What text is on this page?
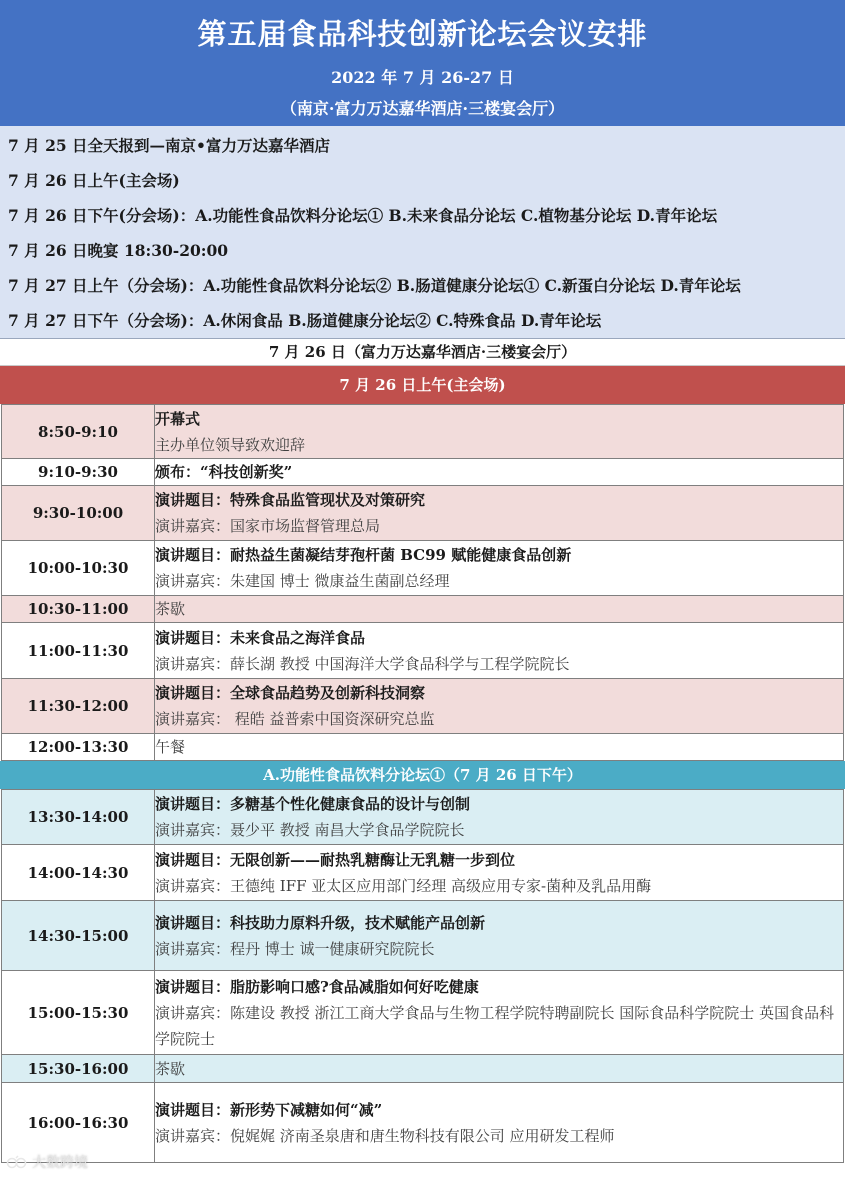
第五届食品科技创新论坛会议安排
2022 年 7 月 26-27 日
（南京·富力万达嘉华酒店·三楼宴会厅）
7 月 25 日全天报到—南京•富力万达嘉华酒店
7 月 26 日上午(主会场)
7 月 26 日下午(分会场)：A.功能性食品饮料分论坛① B.未来食品分论坛 C.植物基分论坛 D.青年论坛
7 月 26 日晚宴 18:30-20:00
7 月 27 日上午（分会场)：A.功能性食品饮料分论坛② B.肠道健康分论坛① C.新蛋白分论坛 D.青年论坛
7 月 27 日下午（分会场)：A.休闲食品 B.肠道健康分论坛② C.特殊食品 D.青年论坛
7 月 26 日（富力万达嘉华酒店·三楼宴会厅）
7 月 26 日上午(主会场)
8:50-9:10	开幕式
主办单位领导致欢迎辞

9:10-9:30	颁布：“科技创新奖”

9:30-10:00	演讲题目：特殊食品监管现状及对策研究
演讲嘉宾：国家市场监督管理总局

10:00-10:30	演讲题目：耐热益生菌凝结芽孢杆菌 BC99 赋能健康食品创新
演讲嘉宾：朱建国 博士 微康益生菌副总经理

10:30-11:00	茶歇

11:00-11:30	演讲题目：未来食品之海洋食品
演讲嘉宾：薛长湖 教授 中国海洋大学食品科学与工程学院院长

11:30-12:00	演讲题目：全球食品趋势及创新科技洞察
演讲嘉宾： 程皓 益普索中国资深研究总监

12:00-13:30	午餐
A.功能性食品饮料分论坛①（7 月 26 日下午）
13:30-14:00	演讲题目：多糖基个性化健康食品的设计与创制
演讲嘉宾：聂少平 教授 南昌大学食品学院院长

14:00-14:30	演讲题目：无限创新——耐热乳糖酶让无乳糖一步到位
演讲嘉宾：王德纯 IFF 亚太区应用部门经理 高级应用专家-菌种及乳品用酶

14:30-15:00	演讲题目：科技助力原料升级，技术赋能产品创新
演讲嘉宾：程丹 博士 诚一健康研究院院长

15:00-15:30	演讲题目：脂肪影响口感?食品减脂如何好吃健康
演讲嘉宾：陈建设 教授 浙江工商大学食品与生物工程学院特聘副院长 国际食品科学院院士 英国食品科学院院士

15:30-16:00	茶歇

16:00-16:30	演讲题目：新形势下减糖如何“减”
演讲嘉宾：倪娓娓 济南圣泉唐和唐生物科技有限公司 应用研发工程师
大数跨境
